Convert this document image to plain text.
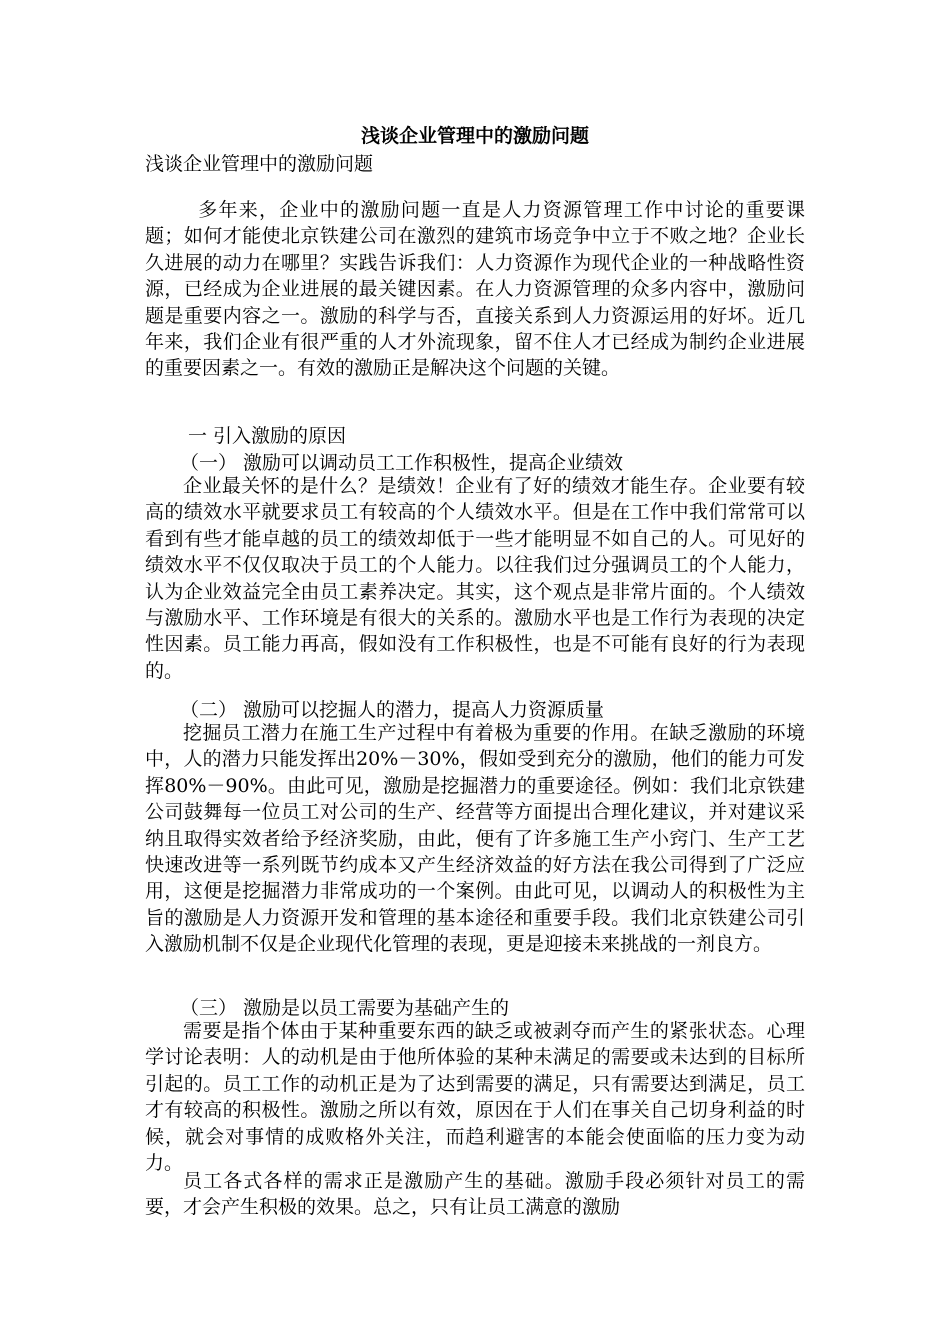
浅谈企业管理中的激励问题
浅谈企业管理中的激励问题
多年来，企业中的激励问题一直是人力资源管理工作中讨论的重要课题；如何才能使北京铁建公司在激烈的建筑市场竞争中立于不败之地？企业长久进展的动力在哪里？实践告诉我们：人力资源作为现代企业的一种战略性资源，已经成为企业进展的最关键因素。在人力资源管理的众多内容中，激励问题是重要内容之一。激励的科学与否，直接关系到人力资源运用的好坏。近几年来，我们企业有很严重的人才外流现象，留不住人才已经成为制约企业进展的重要因素之一。有效的激励正是解决这个问题的关键。
一 引入激励的原因
（一） 激励可以调动员工工作积极性，提高企业绩效
企业最关怀的是什么？是绩效！企业有了好的绩效才能生存。企业要有较高的绩效水平就要求员工有较高的个人绩效水平。但是在工作中我们常常可以看到有些才能卓越的员工的绩效却低于一些才能明显不如自己的人。可见好的绩效水平不仅仅取决于员工的个人能力。以往我们过分强调员工的个人能力，认为企业效益完全由员工素养决定。其实，这个观点是非常片面的。个人绩效与激励水平、工作环境是有很大的关系的。激励水平也是工作行为表现的决定性因素。员工能力再高，假如没有工作积极性，也是不可能有良好的行为表现的。
（二） 激励可以挖掘人的潜力，提高人力资源质量
挖掘员工潜力在施工生产过程中有着极为重要的作用。在缺乏激励的环境中，人的潜力只能发挥出20%－30%，假如受到充分的激励，他们的能力可发挥80%－90%。由此可见，激励是挖掘潜力的重要途径。例如：我们北京铁建公司鼓舞每一位员工对公司的生产、经营等方面提出合理化建议，并对建议采纳且取得实效者给予经济奖励，由此，便有了许多施工生产小窍门、生产工艺快速改进等一系列既节约成本又产生经济效益的好方法在我公司得到了广泛应用，这便是挖掘潜力非常成功的一个案例。由此可见，以调动人的积极性为主旨的激励是人力资源开发和管理的基本途径和重要手段。我们北京铁建公司引入激励机制不仅是企业现代化管理的表现，更是迎接未来挑战的一剂良方。
（三） 激励是以员工需要为基础产生的
需要是指个体由于某种重要东西的缺乏或被剥夺而产生的紧张状态。心理学讨论表明：人的动机是由于他所体验的某种未满足的需要或未达到的目标所引起的。员工工作的动机正是为了达到需要的满足，只有需要达到满足，员工才有较高的积极性。激励之所以有效，原因在于人们在事关自己切身利益的时候，就会对事情的成败格外关注，而趋利避害的本能会使面临的压力变为动力。
员工各式各样的需求正是激励产生的基础。激励手段必须针对员工的需要，才会产生积极的效果。总之，只有让员工满意的激励
